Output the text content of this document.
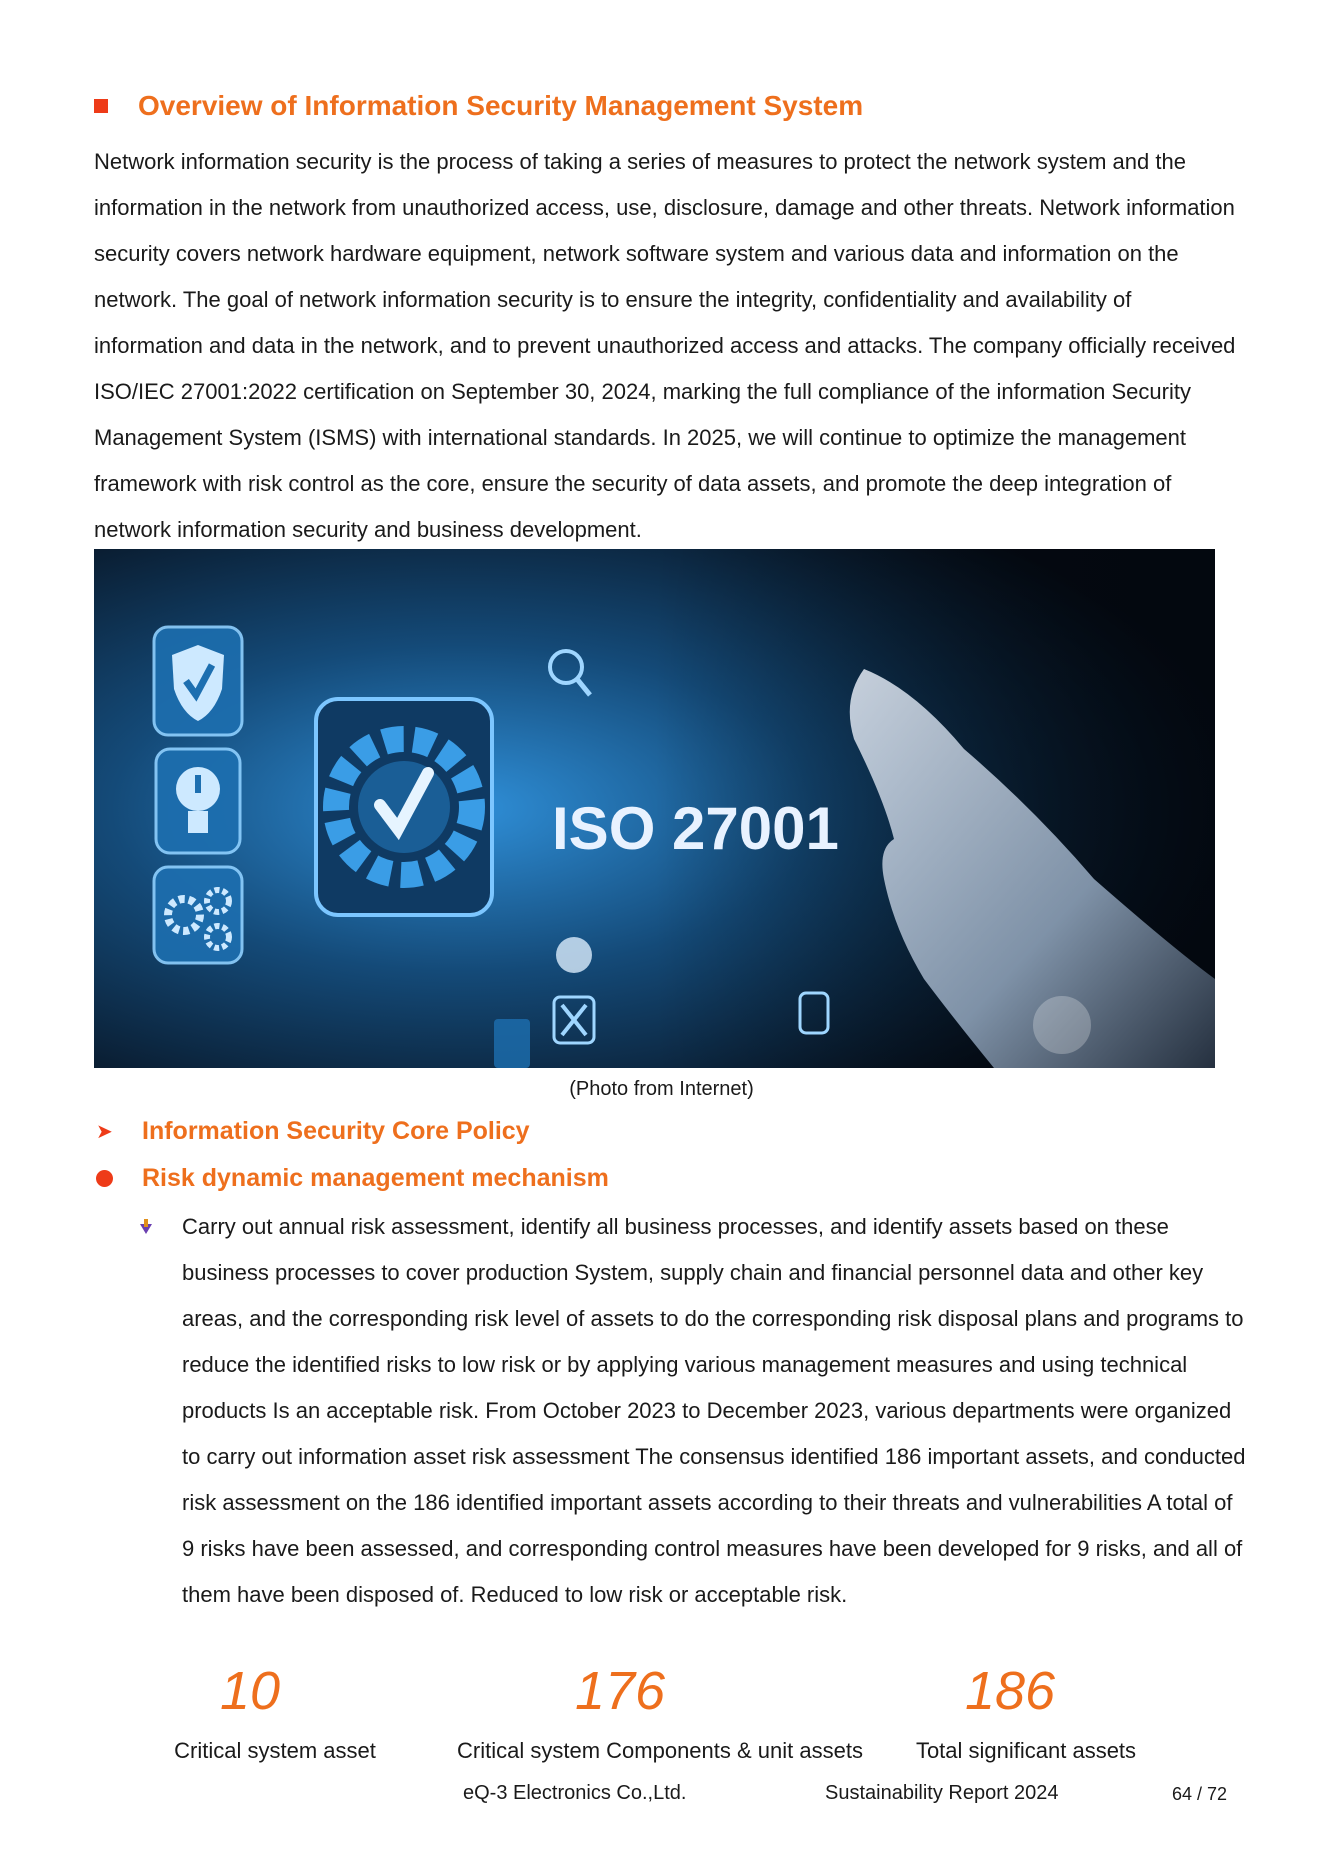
Overview of Information Security Management System

Network information security is the process of taking a series of measures to protect the network system and the information in the network from unauthorized access, use, disclosure, damage and other threats. Network information security covers network hardware equipment, network software system and various data and information on the network. The goal of network information security is to ensure the integrity, confidentiality and availability of information and data in the network, and to prevent unauthorized access and attacks. The company officially received ISO/IEC 27001:2022 certification on September 30, 2024, marking the full compliance of the information Security Management System (ISMS) with international standards. In 2025, we will continue to optimize the management framework with risk control as the core, ensure the security of data assets, and promote the deep integration of network information security and business development.

ISO 27001
(Photo from Internet)
➤	Information Security Core Policy
Risk dynamic management mechanism

Carry out annual risk assessment, identify all business processes, and identify assets based on these business processes to cover production System, supply chain and financial personnel data and other key areas, and the corresponding risk level of assets to do the corresponding risk disposal plans and programs to reduce the identified risks to low risk or by applying various management measures and using technical products Is an acceptable risk. From October 2023 to December 2023, various departments were organized to carry out information asset risk assessment The consensus identified 186 important assets, and conducted risk assessment on the 186 identified important assets according to their threats and vulnerabilities A total of 9 risks have been assessed, and corresponding control measures have been developed for 9 risks, and all of them have been disposed of. Reduced to low risk or acceptable risk.

10	176	186
Critical system asset	Critical system Components & unit assets	Total significant assets
eQ-3 Electronics Co.,Ltd.	Sustainability Report 2024	64 / 72
